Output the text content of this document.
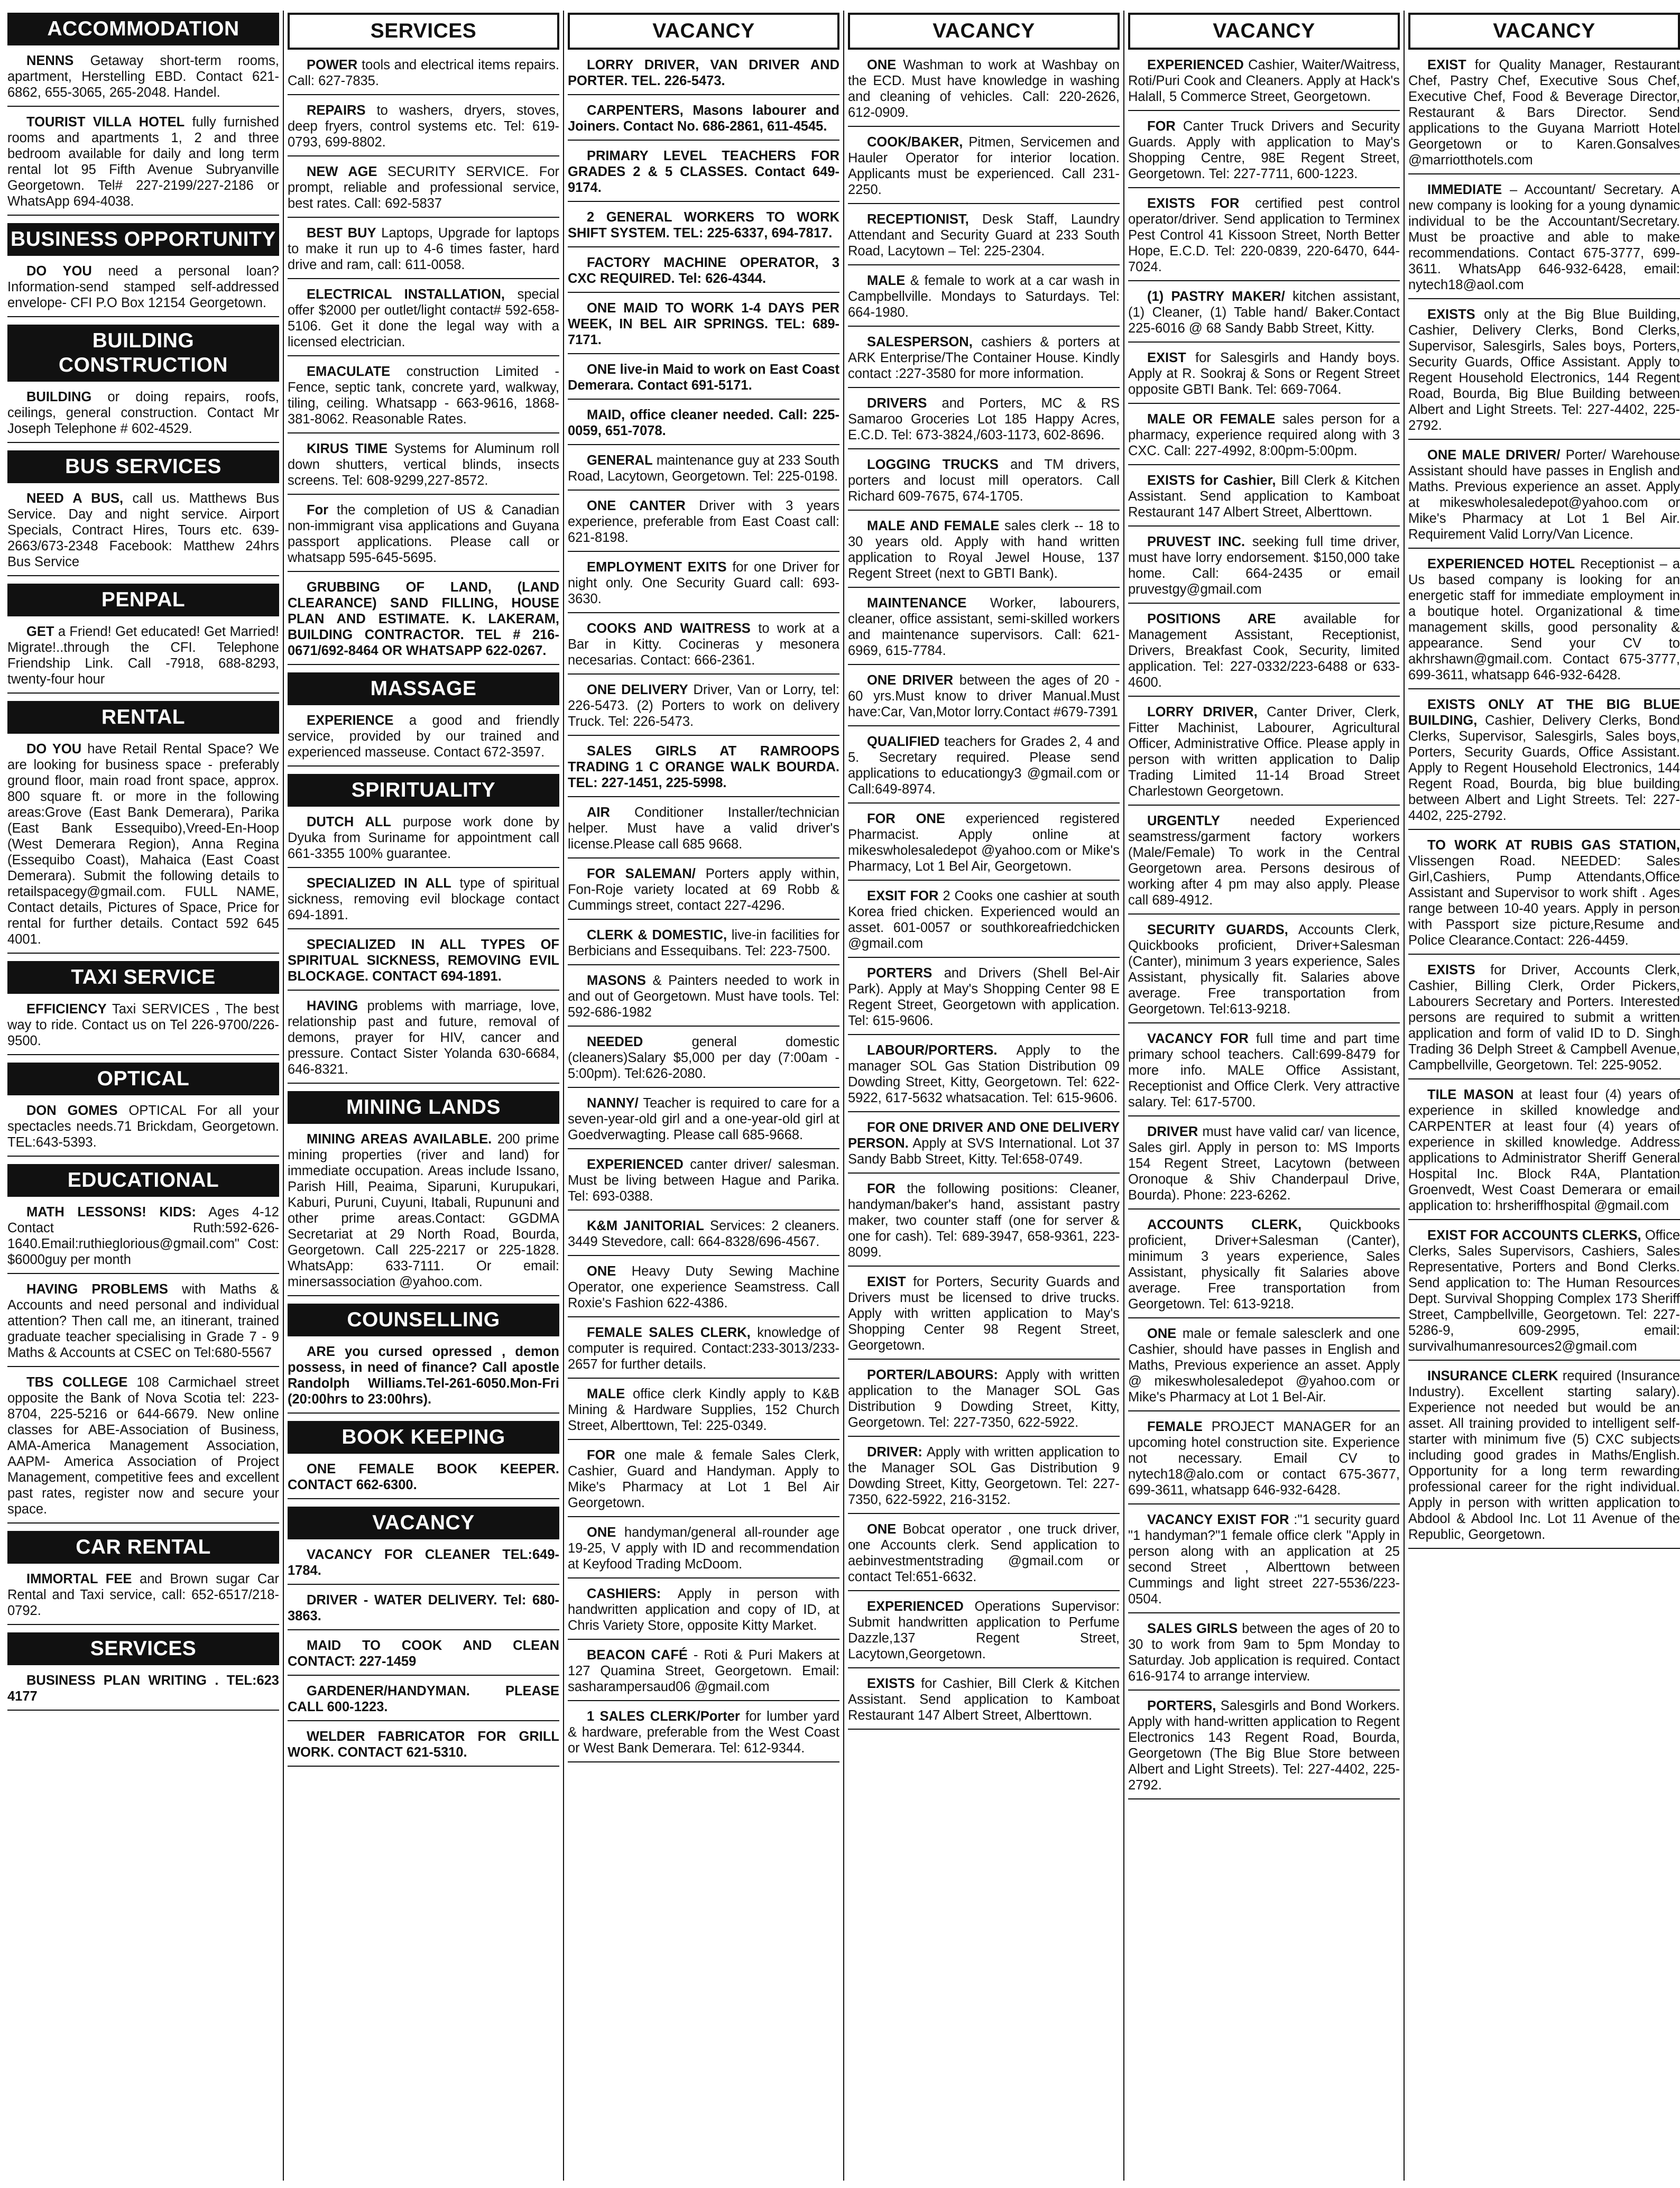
ACCOMMODATION
NENNS Getaway short-term rooms, apartment, Herstelling EBD. Contact 621-6862, 655-3065, 265-2048. Handel.
TOURIST VILLA HOTEL fully furnished rooms and apartments 1, 2 and three bedroom available for daily and long term rental lot 95 Fifth Avenue Subryanville Georgetown. Tel# 227-2199/227-2186 or WhatsApp 694-4038.
BUSINESS OPPORTUNITY
DO YOU need a personal loan? Information-send stamped self-addressed envelope- CFI P.O Box 12154 Georgetown.
BUILDING CONSTRUCTION
BUILDING or doing repairs, roofs, ceilings, general construction. Contact Mr Joseph Telephone # 602-4529.
BUS SERVICES
NEED A BUS, call us. Matthews Bus Service. Day and night service. Airport Specials, Contract Hires, Tours etc. 639-2663/673-2348 Facebook: Matthew 24hrs Bus Service
PENPAL
GET a Friend! Get educated! Get Married! Migrate!..through the CFI. Telephone Friendship Link. Call -7918, 688-8293, twenty-four hour
RENTAL
DO YOU have Retail Rental Space? We are looking for business space - preferably ground floor, main road front space, approx. 800 square ft. or more in the following areas:Grove (East Bank Demerara), Parika (East Bank Essequibo),Vreed-En-Hoop (West Demerara Region), Anna Regina (Essequibo Coast), Mahaica (East Coast Demerara). Submit the following details to retailspacegy@gmail.com. FULL NAME, Contact details, Pictures of Space, Price for rental for further details. Contact 592 645 4001.
TAXI SERVICE
EFFICIENCY Taxi SERVICES , The best way to ride. Contact us on Tel 226-9700/226-9500.
OPTICAL
DON GOMES OPTICAL For all your spectacles needs.71 Brickdam, Georgetown. TEL:643-5393.
EDUCATIONAL
MATH LESSONS! KIDS: Ages 4-12 Contact Ruth:592-626-1640.Email:ruthieglorious@gmail.com" Cost: $6000guy per month
HAVING PROBLEMS with Maths & Accounts and need personal and individual attention? Then call me, an itinerant, trained graduate teacher specialising in Grade 7 - 9 Maths & Accounts at CSEC on Tel:680-5567
TBS COLLEGE 108 Carmichael street opposite the Bank of Nova Scotia tel: 223-8704, 225-5216 or 644-6679. New online classes for ABE-Association of Business, AMA-America Management Association, AAPM- America Association of Project Management, competitive fees and excellent past rates, register now and secure your space.
CAR RENTAL
IMMORTAL FEE and Brown sugar Car Rental and Taxi service, call: 652-6517/218-0792.
SERVICES
BUSINESS PLAN WRITING . TEL:623 4177
SERVICES
POWER tools and electrical items repairs. Call: 627-7835.
REPAIRS to washers, dryers, stoves, deep fryers, control systems etc. Tel: 619-0793, 699-8802.
NEW AGE SECURITY SERVICE. For prompt, reliable and professional service, best rates. Call: 692-5837
BEST BUY Laptops, Upgrade for laptops to make it run up to 4-6 times faster, hard drive and ram, call: 611-0058.
ELECTRICAL INSTALLATION, special offer $2000 per outlet/light contact# 592-658-5106. Get it done the legal way with a licensed electrician.
EMACULATE construction Limited - Fence, septic tank, concrete yard, walkway, tiling, ceiling. Whatsapp - 663-9616, 1868-381-8062. Reasonable Rates.
KIRUS TIME Systems for Aluminum roll down shutters, vertical blinds, insects screens. Tel: 608-9299,227-8572.
For the completion of US & Canadian non-immigrant visa applications and Guyana passport applications. Please call or whatsapp 595-645-5695.
GRUBBING OF LAND, (LAND CLEARANCE) SAND FILLING, HOUSE PLAN AND ESTIMATE. K. LAKERAM, BUILDING CONTRACTOR. TEL # 216-0671/692-8464 OR WHATSAPP 622-0267.
MASSAGE
EXPERIENCE a good and friendly service, provided by our trained and experienced masseuse. Contact 672-3597.
SPIRITUALITY
DUTCH ALL purpose work done by Dyuka from Suriname for appointment call 661-3355 100% guarantee.
SPECIALIZED IN ALL type of spiritual sickness, removing evil blockage contact 694-1891.
SPECIALIZED IN ALL TYPES OF SPIRITUAL SICKNESS, REMOVING EVIL BLOCKAGE. CONTACT 694-1891.
HAVING problems with marriage, love, relationship past and future, removal of demons, prayer for HIV, cancer and pressure. Contact Sister Yolanda 630-6684, 646-8321.
MINING LANDS
MINING AREAS AVAILABLE. 200 prime mining properties (river and land) for immediate occupation. Areas include Issano, Parish Hill, Peaima, Siparuni, Kurupukari, Kaburi, Puruni, Cuyuni, Itabali, Rupununi and other prime areas.Contact: GGDMA Secretariat at 29 North Road, Bourda, Georgetown. Call 225-2217 or 225-1828. WhatsApp: 633-7111. Or email: minersassociation @yahoo.com.
COUNSELLING
ARE you cursed opressed , demon possess, in need of finance? Call apostle Randolph Williams.Tel-261-6050.Mon-Fri (20:00hrs to 23:00hrs).
BOOK KEEPING
ONE FEMALE BOOK KEEPER. CONTACT 662-6300.
VACANCY
VACANCY FOR CLEANER TEL:649-1784.
DRIVER - WATER DELIVERY. Tel: 680-3863.
MAID TO COOK AND CLEAN CONTACT: 227-1459
GARDENER/HANDYMAN. PLEASE CALL 600-1223.
WELDER FABRICATOR FOR GRILL WORK. CONTACT 621-5310.
VACANCY
LORRY DRIVER, VAN DRIVER AND PORTER. TEL. 226-5473.
CARPENTERS, Masons labourer and Joiners. Contact No. 686-2861, 611-4545.
PRIMARY LEVEL TEACHERS FOR GRADES 2 & 5 CLASSES. Contact 649-9174.
2 GENERAL WORKERS TO WORK SHIFT SYSTEM. TEL: 225-6337, 694-7817.
FACTORY MACHINE OPERATOR, 3 CXC REQUIRED. Tel: 626-4344.
ONE MAID TO WORK 1-4 DAYS PER WEEK, IN BEL AIR SPRINGS. TEL: 689-7171.
ONE live-in Maid to work on East Coast Demerara. Contact 691-5171.
MAID, office cleaner needed. Call: 225-0059, 651-7078.
GENERAL maintenance guy at 233 South Road, Lacytown, Georgetown. Tel: 225-0198.
ONE CANTER Driver with 3 years experience, preferable from East Coast call: 621-8198.
EMPLOYMENT EXITS for one Driver for night only. One Security Guard call: 693-3630.
COOKS AND WAITRESS to work at a Bar in Kitty. Cocineras y mesonera necesarias. Contact: 666-2361.
ONE DELIVERY Driver, Van or Lorry, tel: 226-5473. (2) Porters to work on delivery Truck. Tel: 226-5473.
SALES GIRLS AT RAMROOPS TRADING 1 C ORANGE WALK BOURDA. TEL: 227-1451, 225-5998.
AIR Conditioner Installer/technician helper. Must have a valid driver's license.Please call 685 9668.
FOR SALEMAN/ Porters apply within, Fon-Roje variety located at 69 Robb & Cummings street, contact 227-4296.
CLERK & DOMESTIC, live-in facilities for Berbicians and Essequibans. Tel: 223-7500.
MASONS & Painters needed to work in and out of Georgetown. Must have tools. Tel: 592-686-1982
NEEDED	general domestic (cleaners)Salary $5,000 per day (7:00am - 5:00pm). Tel:626-2080.
NANNY/ Teacher is required to care for a seven-year-old girl and a one-year-old girl at Goedverwagting. Please call 685-9668.
EXPERIENCED canter driver/ salesman. Must be living between Hague and Parika. Tel: 693-0388.
K&M JANITORIAL Services: 2 cleaners. 3449 Stevedore, call: 664-8328/696-4567.
ONE Heavy Duty Sewing Machine Operator, one experience Seamstress. Call Roxie's Fashion 622-4386.
FEMALE SALES CLERK, knowledge of computer is required. Contact:233-3013/233-2657 for further details.
MALE office clerk Kindly apply to K&B Mining & Hardware Supplies, 152 Church Street, Alberttown, Tel: 225-0349.
FOR one male & female Sales Clerk, Cashier, Guard and Handyman. Apply to Mike's Pharmacy at Lot 1 Bel Air Georgetown.
ONE handyman/general all-rounder age 19-25, V apply with ID and recommendation at Keyfood Trading McDoom.
CASHIERS: Apply in person with handwritten application and copy of ID, at Chris Variety Store, opposite Kitty Market.
BEACON CAFÉ - Roti & Puri Makers at 127 Quamina Street, Georgetown. Email: sasharampersaud06 @gmail.com
1 SALES CLERK/Porter for lumber yard & hardware, preferable from the West Coast or West Bank Demerara. Tel: 612-9344.
VACANCY
ONE Washman to work at Washbay on the ECD. Must have knowledge in washing and cleaning of vehicles. Call: 220-2626, 612-0909.
COOK/BAKER, Pitmen, Servicemen and Hauler Operator for interior location. Applicants must be experienced. Call 231-2250.
RECEPTIONIST, Desk Staff, Laundry Attendant and Security Guard at 233 South Road, Lacytown – Tel: 225-2304.
MALE & female to work at a car wash in Campbellville. Mondays to Saturdays. Tel: 664-1980.
SALESPERSON, cashiers & porters at ARK Enterprise/The Container House. Kindly contact :227-3580 for more information.
DRIVERS and Porters, MC & RS Samaroo Groceries Lot 185 Happy Acres, E.C.D. Tel: 673-3824,/603-1173, 602-8696.
LOGGING TRUCKS and TM drivers, porters and locust mill operators. Call Richard 609-7675, 674-1705.
MALE AND FEMALE sales clerk -- 18 to 30 years old. Apply with hand written application to Royal Jewel House, 137 Regent Street (next to GBTI Bank).
MAINTENANCE Worker, labourers, cleaner, office assistant, semi-skilled workers and maintenance supervisors. Call: 621-6969, 615-7784.
ONE DRIVER between the ages of 20 - 60 yrs.Must know to driver Manual.Must have:Car, Van,Motor lorry.Contact #679-7391
QUALIFIED teachers for Grades 2, 4 and 5. Secretary required. Please send applications to educationgy3 @gmail.com or Call:649-8974.
FOR ONE experienced registered Pharmacist. Apply online at mikeswholesaledepot @yahoo.com or Mike's Pharmacy, Lot 1 Bel Air, Georgetown.
EXSIT FOR 2 Cooks one cashier at south Korea fried chicken. Experienced would an asset. 601-0057 or southkoreafriedchicken @gmail.com
PORTERS and Drivers (Shell Bel-Air Park). Apply at May's Shopping Center 98 E Regent Street, Georgetown with application. Tel: 615-9606.
LABOUR/PORTERS. Apply to the manager SOL Gas Station Distribution 09 Dowding Street, Kitty, Georgetown. Tel: 622-5922, 617-5632 whatsacation. Tel: 615-9606.
FOR ONE DRIVER AND ONE DELIVERY PERSON. Apply at SVS International. Lot 37 Sandy Babb Street, Kitty. Tel:658-0749.
FOR the following positions: Cleaner, handyman/baker's hand, assistant pastry maker, two counter staff (one for server & one for cash). Tel: 689-3947, 658-9361, 223-8099.
EXIST for Porters, Security Guards and Drivers must be licensed to drive trucks. Apply with written application to May's Shopping Center 98 Regent Street, Georgetown.
PORTER/LABOURS: Apply with written application to the Manager SOL Gas Distribution 9 Dowding Street, Kitty, Georgetown. Tel: 227-7350, 622-5922.
DRIVER: Apply with written application to the Manager SOL Gas Distribution 9 Dowding Street, Kitty, Georgetown. Tel: 227-7350, 622-5922, 216-3152.
ONE Bobcat operator , one truck driver, one Accounts clerk. Send application to aebinvestmentstrading @gmail.com or contact Tel:651-6632.
EXPERIENCED Operations Supervisor: Submit handwritten application to Perfume Dazzle,137 Regent Street, Lacytown,Georgetown.
EXISTS for Cashier, Bill Clerk & Kitchen Assistant. Send application to Kamboat Restaurant 147 Albert Street, Alberttown.
VACANCY
EXPERIENCED Cashier, Waiter/Waitress, Roti/Puri Cook and Cleaners. Apply at Hack's Halall, 5 Commerce Street, Georgetown.
FOR Canter Truck Drivers and Security Guards. Apply with application to May's Shopping Centre, 98E Regent Street, Georgetown. Tel: 227-7711, 600-1223.
EXISTS FOR certified pest control operator/driver. Send application to Terminex Pest Control 41 Kissoon Street, North Better Hope, E.C.D. Tel: 220-0839, 220-6470, 644-7024.
(1) PASTRY MAKER/ kitchen assistant,(1) Cleaner, (1) Table hand/ Baker.Contact 225-6016 @ 68 Sandy Babb Street, Kitty.
EXIST for Salesgirls and Handy boys. Apply at R. Sookraj & Sons or Regent Street opposite GBTI Bank. Tel: 669-7064.
MALE OR FEMALE sales person for a pharmacy, experience required along with 3 CXC. Call: 227-4992, 8:00pm-5:00pm.
EXISTS for Cashier, Bill Clerk & Kitchen Assistant. Send application to Kamboat Restaurant 147 Albert Street, Alberttown.
PRUVEST INC. seeking full time driver, must have lorry endorsement. $150,000 take home. Call: 664-2435 or email pruvestgy@gmail.com
POSITIONS ARE available for Management Assistant, Receptionist, Drivers, Breakfast Cook, Security, limited application. Tel: 227-0332/223-6488 or 633-4600.
LORRY DRIVER, Canter Driver, Clerk, Fitter Machinist, Labourer, Agricultural Officer, Administrative Office. Please apply in person with written application to Dalip Trading Limited 11-14 Broad Street Charlestown Georgetown.
URGENTLY needed Experienced seamstress/garment factory workers (Male/Female) To work in the Central Georgetown area. Persons desirous of working after 4 pm may also apply. Please call 689-4912.
SECURITY GUARDS, Accounts Clerk, Quickbooks proficient, Driver+Salesman (Canter), minimum 3 years experience, Sales Assistant, physically fit. Salaries above average. Free transportation from Georgetown. Tel:613-9218.
VACANCY FOR full time and part time primary school teachers. Call:699-8479 for more info. MALE Office Assistant, Receptionist and Office Clerk. Very attractive salary. Tel: 617-5700.
DRIVER must have valid car/ van licence, Sales girl. Apply in person to: MS Imports 154 Regent Street, Lacytown (between Oronoque & Shiv Chanderpaul Drive, Bourda). Phone: 223-6262.
ACCOUNTS CLERK, Quickbooks proficient, Driver+Salesman (Canter), minimum 3 years experience, Sales Assistant, physically fit Salaries above average. Free transportation from Georgetown. Tel: 613-9218.
ONE male or female salesclerk and one Cashier, should have passes in English and Maths, Previous experience an asset. Apply @ mikeswholesaledepot @yahoo.com or Mike's Pharmacy at Lot 1 Bel-Air.
FEMALE PROJECT MANAGER for an upcoming hotel construction site. Experience not necessary. Email CV to nytech18@alo.com or contact 675-3677, 699-3611, whatsapp 646-932-6428.
VACANCY EXIST FOR :"1 security guard "1 handyman?"1 female office clerk "Apply in person along with an application at 25 second Street , Alberttown between Cummings and light street 227-5536/223-0504.
SALES GIRLS between the ages of 20 to 30 to work from 9am to 5pm Monday to Saturday. Job application is required. Contact 616-9174 to arrange interview.
PORTERS, Salesgirls and Bond Workers. Apply with hand-written application to Regent Electronics 143 Regent Road, Bourda, Georgetown (The Big Blue Store between Albert and Light Streets). Tel: 227-4402, 225-2792.
VACANCY
EXIST for Quality Manager, Restaurant Chef, Pastry Chef, Executive Sous Chef, Executive Chef, Food & Beverage Director, Restaurant & Bars Director. Send applications to the Guyana Marriott Hotel Georgetown or to Karen.Gonsalves @marriotthotels.com
IMMEDIATE – Accountant/ Secretary. A new company is looking for a young dynamic individual to be the Accountant/Secretary. Must be proactive and able to make recommendations. Contact 675-3777, 699-3611. WhatsApp 646-932-6428, email: nytech18@aol.com
EXISTS only at the Big Blue Building, Cashier, Delivery Clerks, Bond Clerks, Supervisor, Salesgirls, Sales boys, Porters, Security Guards, Office Assistant. Apply to Regent Household Electronics, 144 Regent Road, Bourda, Big Blue Building between Albert and Light Streets. Tel: 227-4402, 225-2792.
ONE MALE DRIVER/ Porter/ Warehouse Assistant should have passes in English and Maths. Previous experience an asset. Apply at mikeswholesaledepot@yahoo.com or Mike's Pharmacy at Lot 1 Bel Air. Requirement Valid Lorry/Van Licence.
EXPERIENCED HOTEL Receptionist – a Us based company is looking for an energetic staff for immediate employment in a boutique hotel. Organizational & time management skills, good personality & appearance. Send your CV to akhrshawn@gmail.com. Contact 675-3777, 699-3611, whatsapp 646-932-6428.
EXISTS ONLY AT THE BIG BLUE BUILDING, Cashier, Delivery Clerks, Bond Clerks, Supervisor, Salesgirls, Sales boys, Porters, Security Guards, Office Assistant. Apply to Regent Household Electronics, 144 Regent Road, Bourda, big blue building between Albert and Light Streets. Tel: 227-4402, 225-2792.
TO WORK AT RUBIS GAS STATION, Vlissengen Road. NEEDED: Sales Girl,Cashiers, Pump Attendants,Office Assistant and Supervisor to work shift . Ages range between 10-40 years. Apply in person with Passport size picture,Resume and Police Clearance.Contact: 226-4459.
EXISTS for Driver, Accounts Clerk, Cashier, Billing Clerk, Order Pickers, Labourers Secretary and Porters. Interested persons are required to submit a written application and form of valid ID to D. Singh Trading 36 Delph Street & Campbell Avenue, Campbellville, Georgetown. Tel: 225-9052.
TILE MASON at least four (4) years of experience in skilled knowledge and CARPENTER at least four (4) years of experience in skilled knowledge. Address applications to Administrator Sheriff General Hospital Inc. Block R4A, Plantation Groenvedt, West Coast Demerara or email application to: hrsheriffhospital @gmail.com
EXIST FOR ACCOUNTS CLERKS, Office Clerks, Sales Supervisors, Cashiers, Sales Representative, Porters and Bond Clerks. Send application to: The Human Resources Dept. Survival Shopping Complex 173 Sheriff Street, Campbellville, Georgetown. Tel: 227-5286-9, 609-2995, email: survivalhumanresources2@gmail.com
INSURANCE CLERK required (Insurance Industry). Excellent starting salary). Experience not needed but would be an asset. All training provided to intelligent self-starter with minimum five (5) CXC subjects including good grades in Maths/English. Opportunity for a long term rewarding professional career for the right individual. Apply in person with written application to Abdool & Abdool Inc. Lot 11 Avenue of the Republic, Georgetown.
